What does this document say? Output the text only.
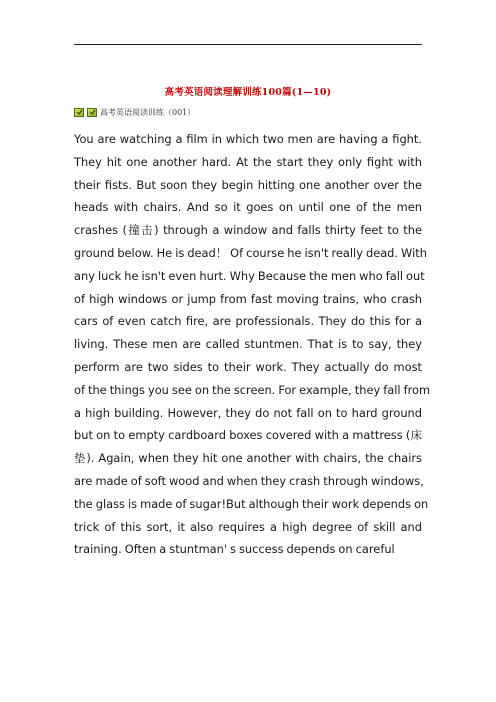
高考英语阅读理解训练100篇(1—10)
高考英语阅读训练（001）
You are watching a film in which two men are having a fight.
They hit one another hard. At the start they only fight with
their fists. But soon they begin hitting one another over the
heads with chairs. And so it goes on until one of the men
crashes (撞击) through a window and falls thirty feet to the
ground below. He is dead！ Of course he isn't really dead. With
any luck he isn't even hurt. Why Because the men who fall out
of high windows or jump from fast moving trains, who crash
cars of even catch fire, are professionals. They do this for a
living. These men are called stuntmen. That is to say, they
perform are two sides to their work. They actually do most
of the things you see on the screen. For example, they fall from
a high building. However, they do not fall on to hard ground
but on to empty cardboard boxes covered with a mattress (床
垫). Again, when they hit one another with chairs, the chairs
are made of soft wood and when they crash through windows,
the glass is made of sugar!But although their work depends on
trick of this sort, it also requires a high degree of skill and
training. Often a stuntman' s success depends on careful
